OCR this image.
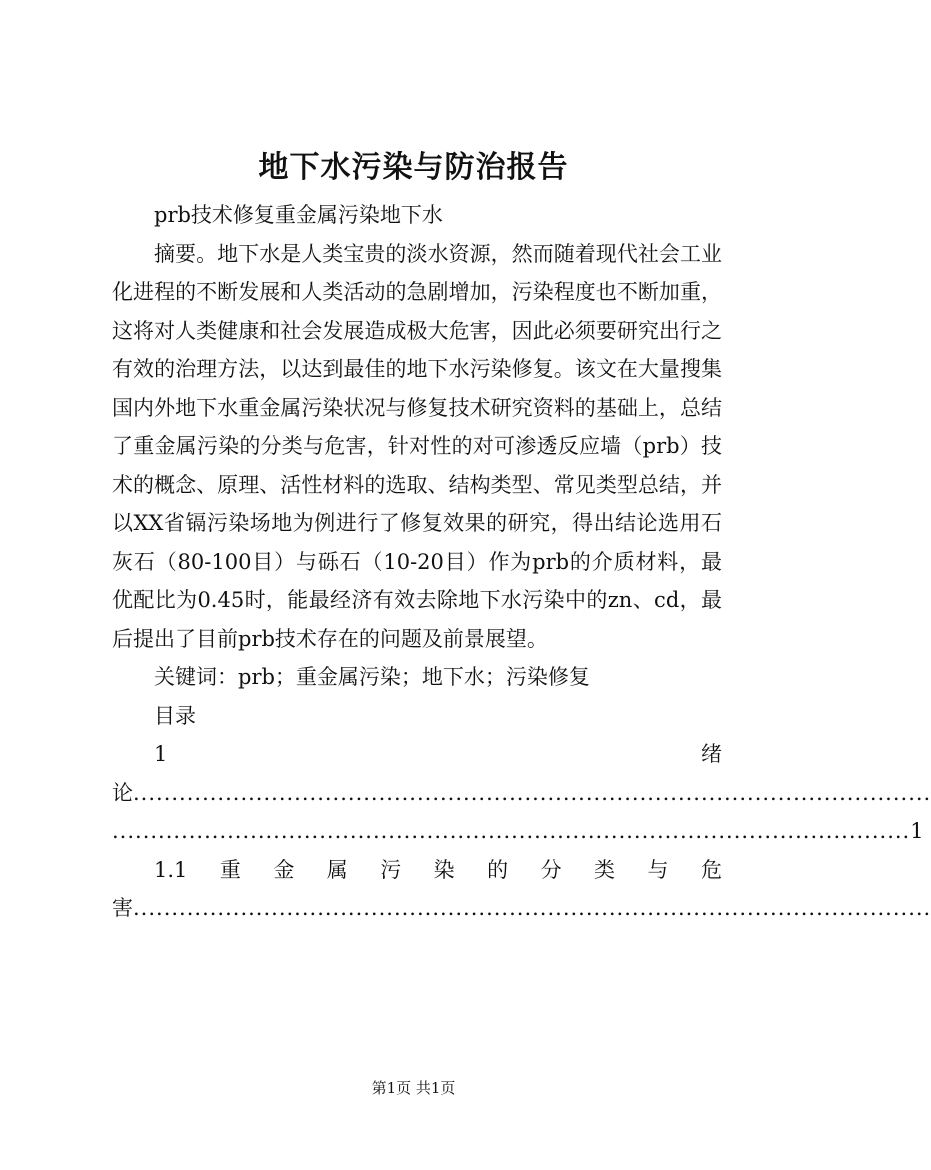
地下水污染与防治报告

prb技术修复重金属污染地下水

摘要。地下水是人类宝贵的淡水资源，然而随着现代社会工业化进程的不断发展和人类活动的急剧增加，污染程度也不断加重，这将对人类健康和社会发展造成极大危害，因此必须要研究出行之有效的治理方法，以达到最佳的地下水污染修复。该文在大量搜集国内外地下水重金属污染状况与修复技术研究资料的基础上，总结了重金属污染的分类与危害，针对性的对可渗透反应墙（prb）技术的概念、原理、活性材料的选取、结构类型、常见类型总结，并以XX省镉污染场地为例进行了修复效果的研究，得出结论选用石灰石（80-100目）与砾石（10-20目）作为prb的介质材料，最优配比为0.45时，能最经济有效去除地下水污染中的zn、cd，最后提出了目前prb技术存在的问题及前景展望。

关键词：prb；重金属污染；地下水；污染修复

目录

1	绪
论 ........................................................................................................
........................................................................................................ 1
1.1 重 金 属 污 染 的 分 类 与 危
害 ........................................................................................................
第1页 共1页
